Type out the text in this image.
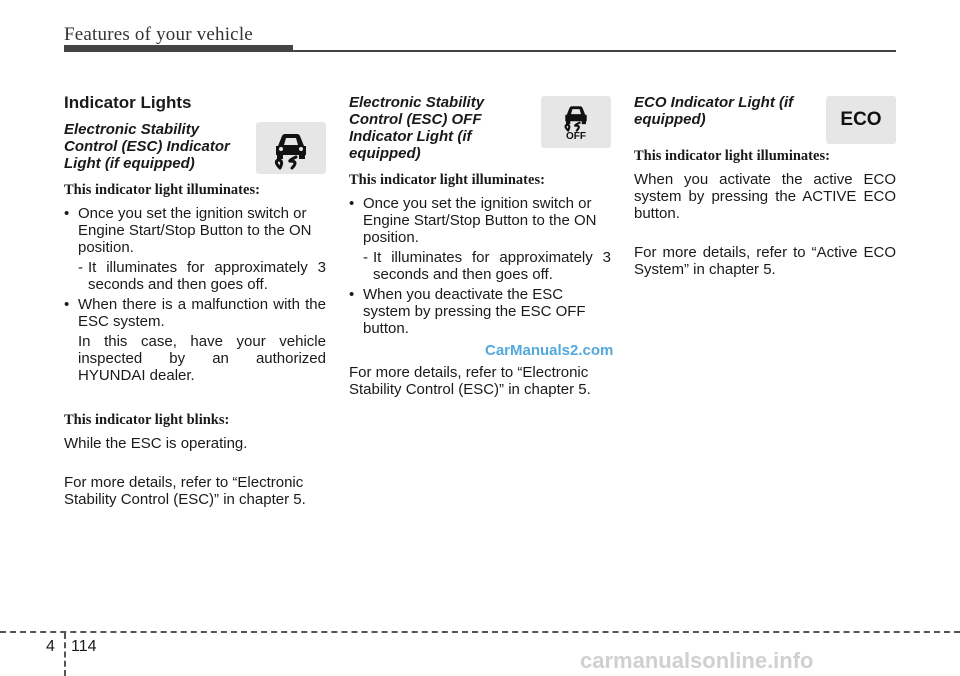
Features of your vehicle
Indicator Lights
Electronic Stability Control (ESC) Indicator Light (if equipped)
This indicator light illuminates:
• Once you set the ignition switch or Engine Start/Stop Button to the ON position.
- It illuminates for approximately 3 seconds and then goes off.
• When there is a malfunction with the ESC system.
In this case, have your vehicle inspected by an authorized HYUNDAI dealer.
This indicator light blinks:

While the ESC is operating.

For more details, refer to “Electronic Stability Control (ESC)” in chapter 5.

Electronic Stability Control (ESC) OFF Indicator Light (if equipped)
This indicator light illuminates:
• Once you set the ignition switch or Engine Start/Stop Button to the ON position.
- It illuminates for approximately 3 seconds and then goes off.
• When you deactivate the ESC system by pressing the ESC OFF button.

For more details, refer to “Electronic Stability Control (ESC)” in chapter 5.

OFF
ECO Indicator Light (if equipped)
This indicator light illuminates:

When you activate the active ECO system by pressing the ACTIVE ECO button.

For more details, refer to “Active ECO System” in chapter 5.

ECO
CarManuals2.com
4 114
carmanualsonline.info
